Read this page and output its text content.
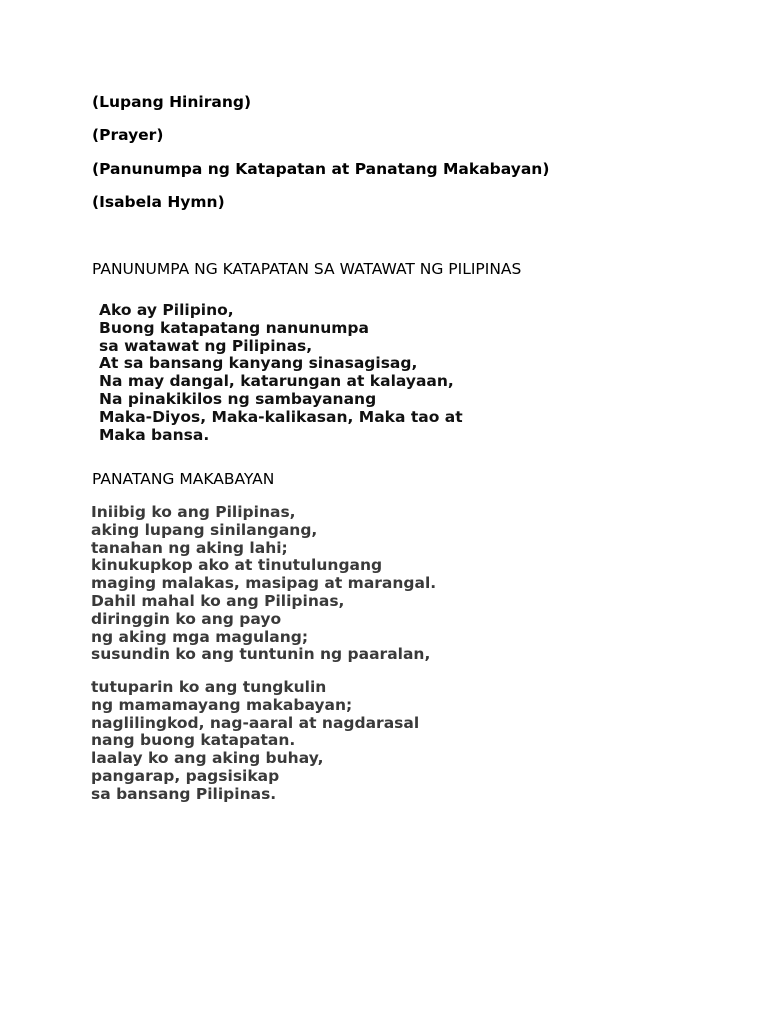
(Lupang Hinirang)
(Prayer)
(Panunumpa ng Katapatan at Panatang Makabayan)
(Isabela Hymn)
PANUNUMPA NG KATAPATAN SA WATAWAT NG PILIPINAS
Ako ay Pilipino,
Buong katapatang nanunumpa
sa watawat ng Pilipinas,
At sa bansang kanyang sinasagisag,
Na may dangal, katarungan at kalayaan,
Na pinakikilos ng sambayanang
Maka-Diyos, Maka-kalikasan, Maka tao at
Maka bansa.
PANATANG MAKABAYAN
Iniibig ko ang Pilipinas,
aking lupang sinilangang,
tanahan ng aking lahi;
kinukupkop ako at tinutulungang
maging malakas, masipag at marangal.
Dahil mahal ko ang Pilipinas,
diringgin ko ang payo
ng aking mga magulang;
susundin ko ang tuntunin ng paaralan,
tutuparin ko ang tungkulin
ng mamamayang makabayan;
naglilingkod, nag-aaral at nagdarasal
nang buong katapatan.
laalay ko ang aking buhay,
pangarap, pagsisikap
sa bansang Pilipinas.
